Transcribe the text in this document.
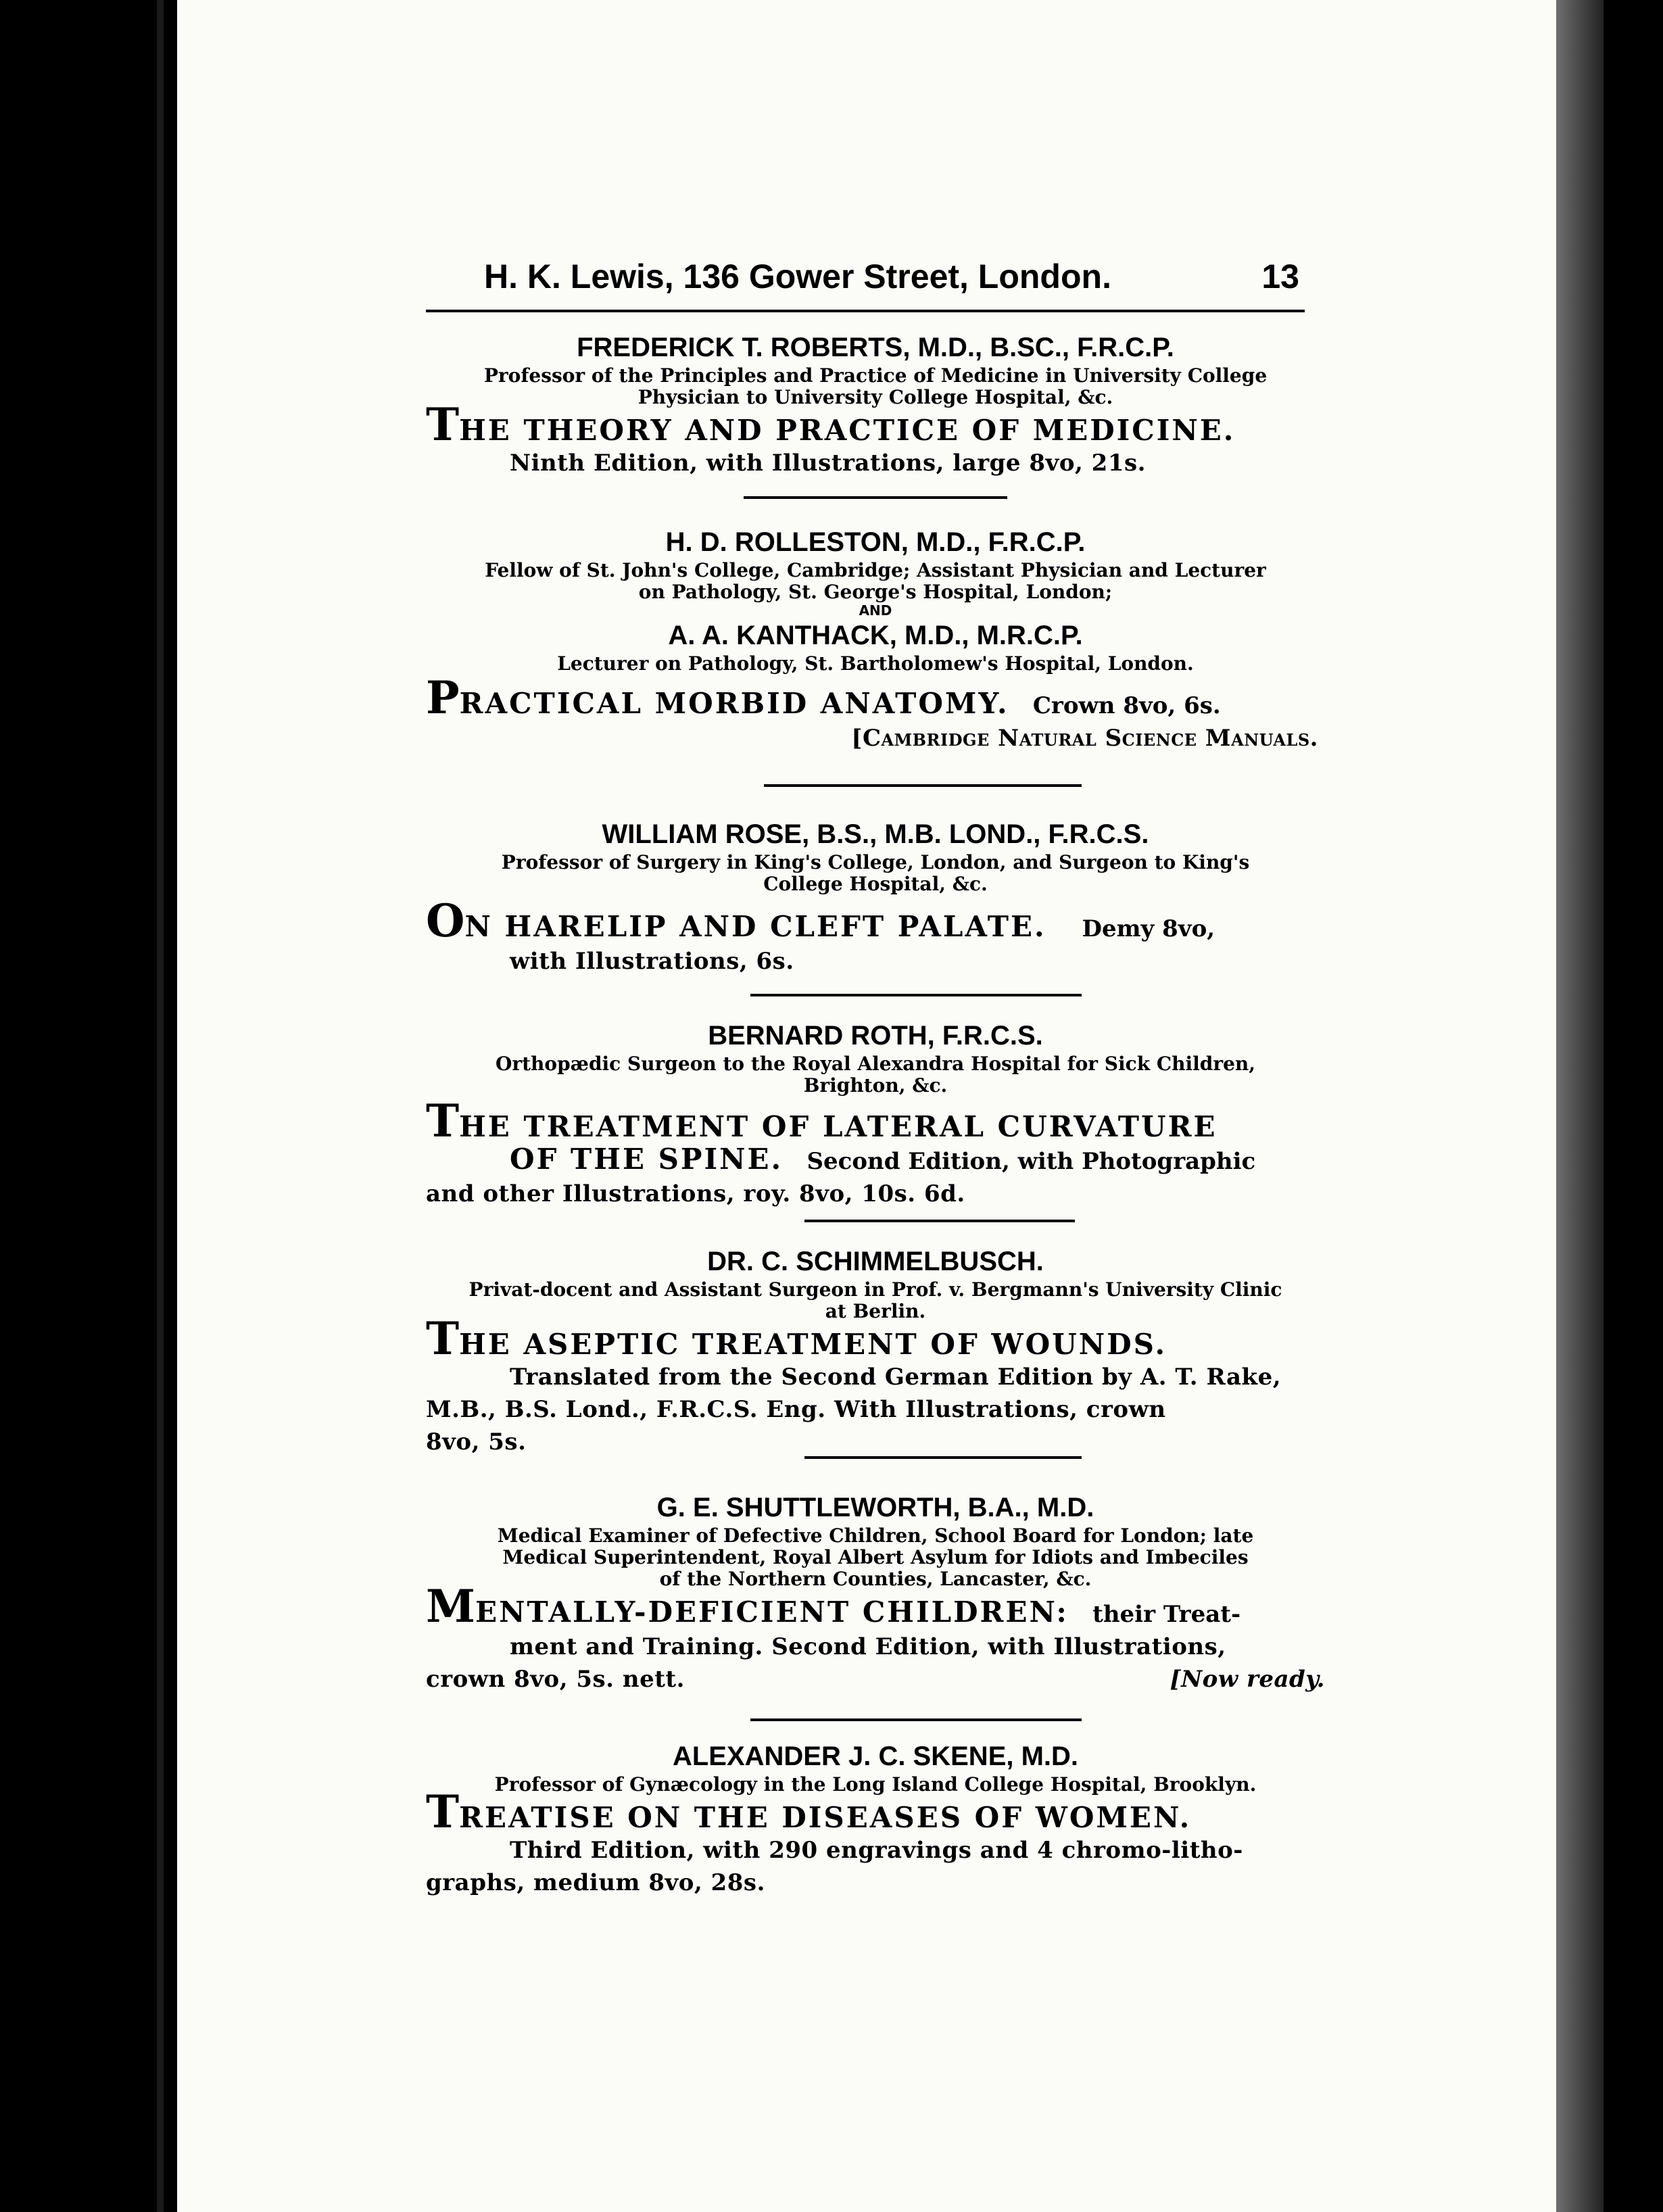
H. K. Lewis, 136 Gower Street, London.	13
FREDERICK T. ROBERTS, M.D., B.SC., F.R.C.P.
Professor of the Principles and Practice of Medicine in University College
Physician to University College Hospital, &c.
THE THEORY AND PRACTICE OF MEDICINE.
Ninth Edition, with Illustrations, large 8vo, 21s.
H. D. ROLLESTON, M.D., F.R.C.P.
Fellow of St. John's College, Cambridge; Assistant Physician and Lecturer
on Pathology, St. George's Hospital, London;
AND
A. A. KANTHACK, M.D., M.R.C.P.
Lecturer on Pathology, St. Bartholomew's Hospital, London.
PRACTICAL MORBID ANATOMY. Crown 8vo, 6s.
[Cambridge Natural Science Manuals.
WILLIAM ROSE, B.S., M.B. LOND., F.R.C.S.
Professor of Surgery in King's College, London, and Surgeon to King's
College Hospital, &c.
ON HARELIP AND CLEFT PALATE. Demy 8vo,
with Illustrations, 6s.
BERNARD ROTH, F.R.C.S.
Orthopædic Surgeon to the Royal Alexandra Hospital for Sick Children,
Brighton, &c.
THE TREATMENT OF LATERAL CURVATURE
OF THE SPINE. Second Edition, with Photographic
and other Illustrations, roy. 8vo, 10s. 6d.
DR. C. SCHIMMELBUSCH.
Privat-docent and Assistant Surgeon in Prof. v. Bergmann's University Clinic
at Berlin.
THE ASEPTIC TREATMENT OF WOUNDS.
Translated from the Second German Edition by A. T. Rake,
M.B., B.S. Lond., F.R.C.S. Eng. With Illustrations, crown
8vo, 5s.
G. E. SHUTTLEWORTH, B.A., M.D.
Medical Examiner of Defective Children, School Board for London; late
Medical Superintendent, Royal Albert Asylum for Idiots and Imbeciles
of the Northern Counties, Lancaster, &c.
MENTALLY-DEFICIENT CHILDREN: their Treat-
ment and Training. Second Edition, with Illustrations,
crown 8vo, 5s. nett.	[Now ready.
ALEXANDER J. C. SKENE, M.D.
Professor of Gynæcology in the Long Island College Hospital, Brooklyn.
TREATISE ON THE DISEASES OF WOMEN.
Third Edition, with 290 engravings and 4 chromo-litho-
graphs, medium 8vo, 28s.
